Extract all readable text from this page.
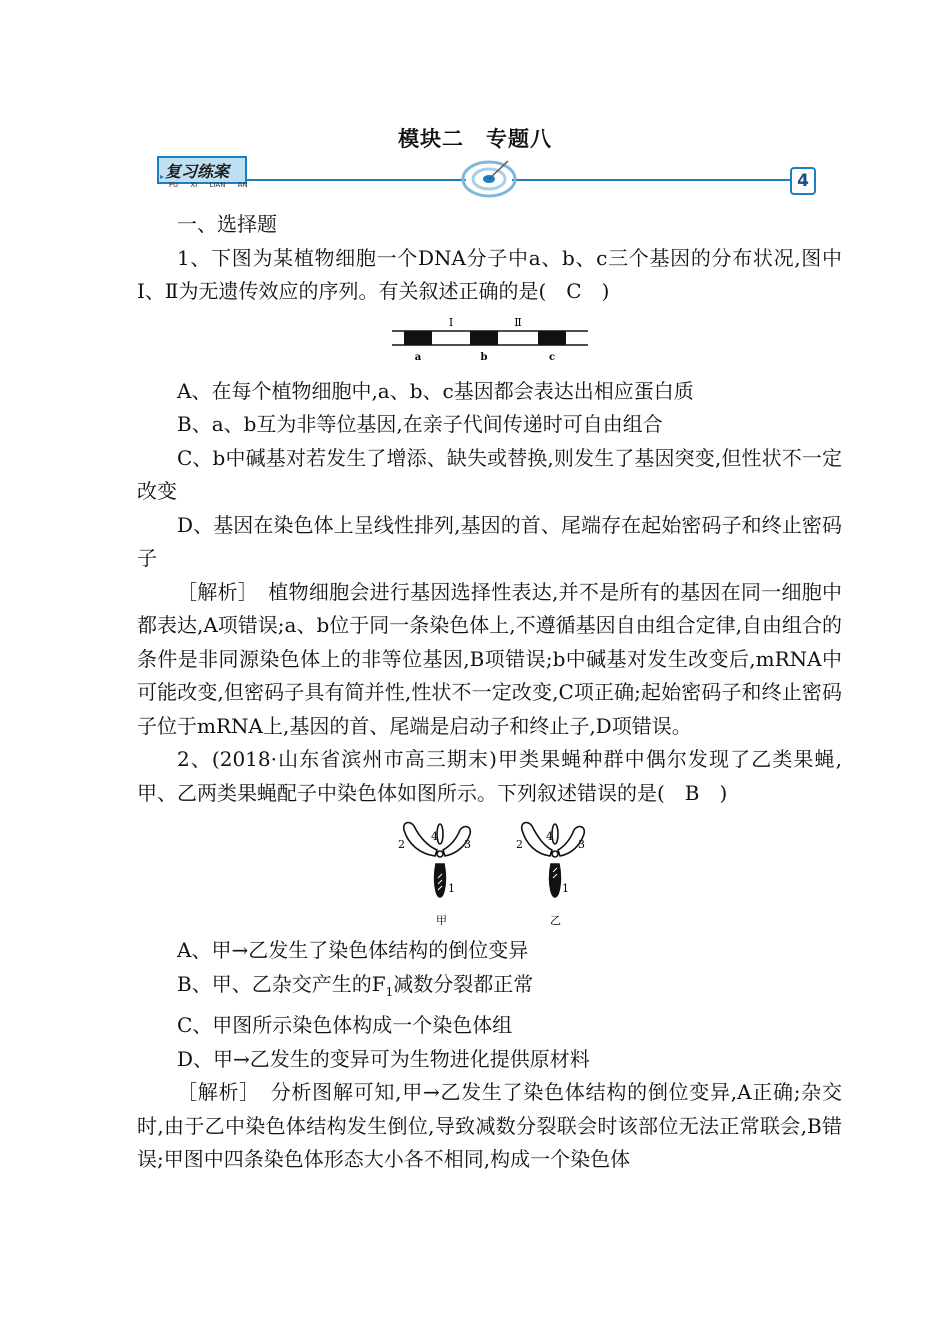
模块二　专题八
复习练案
FU XI LIAN AN	4

一、选择题

1、下图为某植物细胞一个DNA分子中a、b、c三个基因的分布状况,图中Ⅰ、Ⅱ为无遗传效应的序列。有关叙述正确的是(　C　)

Ⅰ	Ⅱ
a	b	c

A、在每个植物细胞中,a、b、c基因都会表达出相应蛋白质

B、a、b互为非等位基因,在亲子代间传递时可自由组合

C、b中碱基对若发生了增添、缺失或替换,则发生了基因突变,但性状不一定改变

D、基因在染色体上呈线性排列,基因的首、尾端存在起始密码子和终止密码子

［解析］　植物细胞会进行基因选择性表达,并不是所有的基因在同一细胞中都表达,A项错误;a、b位于同一条染色体上,不遵循基因自由组合定律,自由组合的条件是非同源染色体上的非等位基因,B项错误;b中碱基对发生改变后,mRNA中可能改变,但密码子具有简并性,性状不一定改变,C项正确;起始密码子和终止密码子位于mRNA上,基因的首、尾端是启动子和终止子,D项错误。

2、(2018·山东省滨州市高三期末)甲类果蝇种群中偶尔发现了乙类果蝇,甲、乙两类果蝇配子中染色体如图所示。下列叙述错误的是(　B　)

2
4
3
1
甲
2
4
3
1
乙

A、甲→乙发生了染色体结构的倒位变异

B、甲、乙杂交产生的$F_1$减数分裂都正常

C、甲图所示染色体构成一个染色体组

D、甲→乙发生的变异可为生物进化提供原材料

［解析］　分析图解可知,甲→乙发生了染色体结构的倒位变异,A正确;杂交时,由于乙中染色体结构发生倒位,导致减数分裂联会时该部位无法正常联会,B错误;甲图中四条染色体形态大小各不相同,构成一个染色体
